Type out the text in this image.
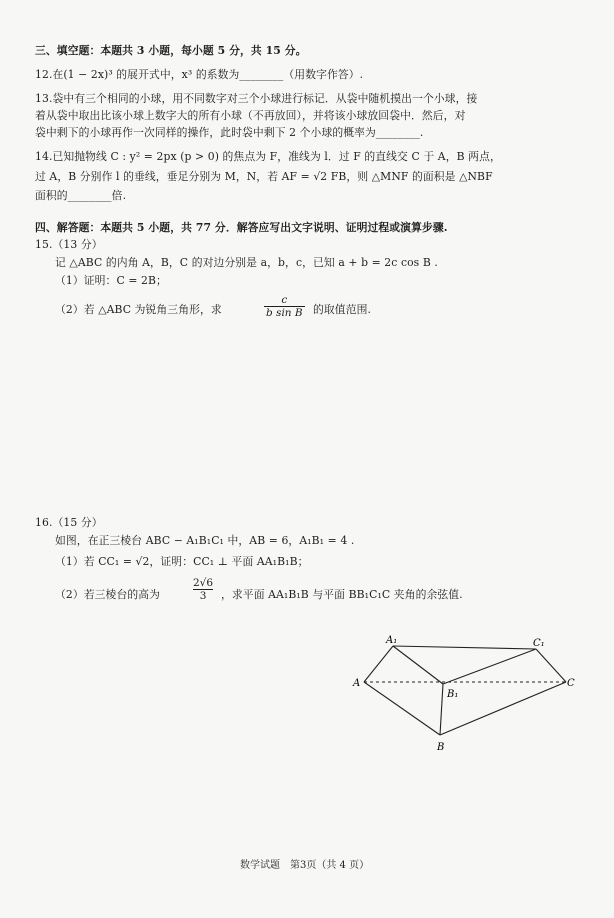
三、填空题：本题共 3 小题，每小题 5 分，共 15 分。
12.在(1 − 2x)³ 的展开式中，x³ 的系数为________（用数字作答）.
13.袋中有三个相同的小球，用不同数字对三个小球进行标记．从袋中随机摸出一个小球，接
着从袋中取出比该小球上数字大的所有小球（不再放回），并将该小球放回袋中．然后，对
袋中剩下的小球再作一次同样的操作，此时袋中剩下 2 个小球的概率为________.
14.已知抛物线 C : y² = 2px (p > 0) 的焦点为 F，准线为 l．过 F 的直线交 C 于 A，B 两点，
过 A，B 分别作 l 的垂线，垂足分别为 M，N，若 AF = √2 FB，则 △MNF 的面积是 △NBF
面积的________倍.
四、解答题：本题共 5 小题，共 77 分．解答应写出文字说明、证明过程或演算步骤.
15.（13 分）
记 △ABC 的内角 A，B，C 的对边分别是 a，b，c，已知 a + b = 2c cos B .
（1）证明：C = 2B；
（2）若 △ABC 为锐角三角形，求	$\frac{c}{\text{b sin B}}$ 的取值范围.
16.（15 分）
如图，在正三棱台 ABC − A₁B₁C₁ 中，AB = 6，A₁B₁ = 4 .
（1）若 CC₁ = √2，证明：CC₁ ⊥ 平面 AA₁B₁B；
（2）若三棱台的高为	$\frac{2√6}{3}$ ，求平面 AA₁B₁B 与平面 BB₁C₁C 夹角的余弦值.
A₁	C₁
A
B₁
C
B
数学试题　第3页（共 4 页）
